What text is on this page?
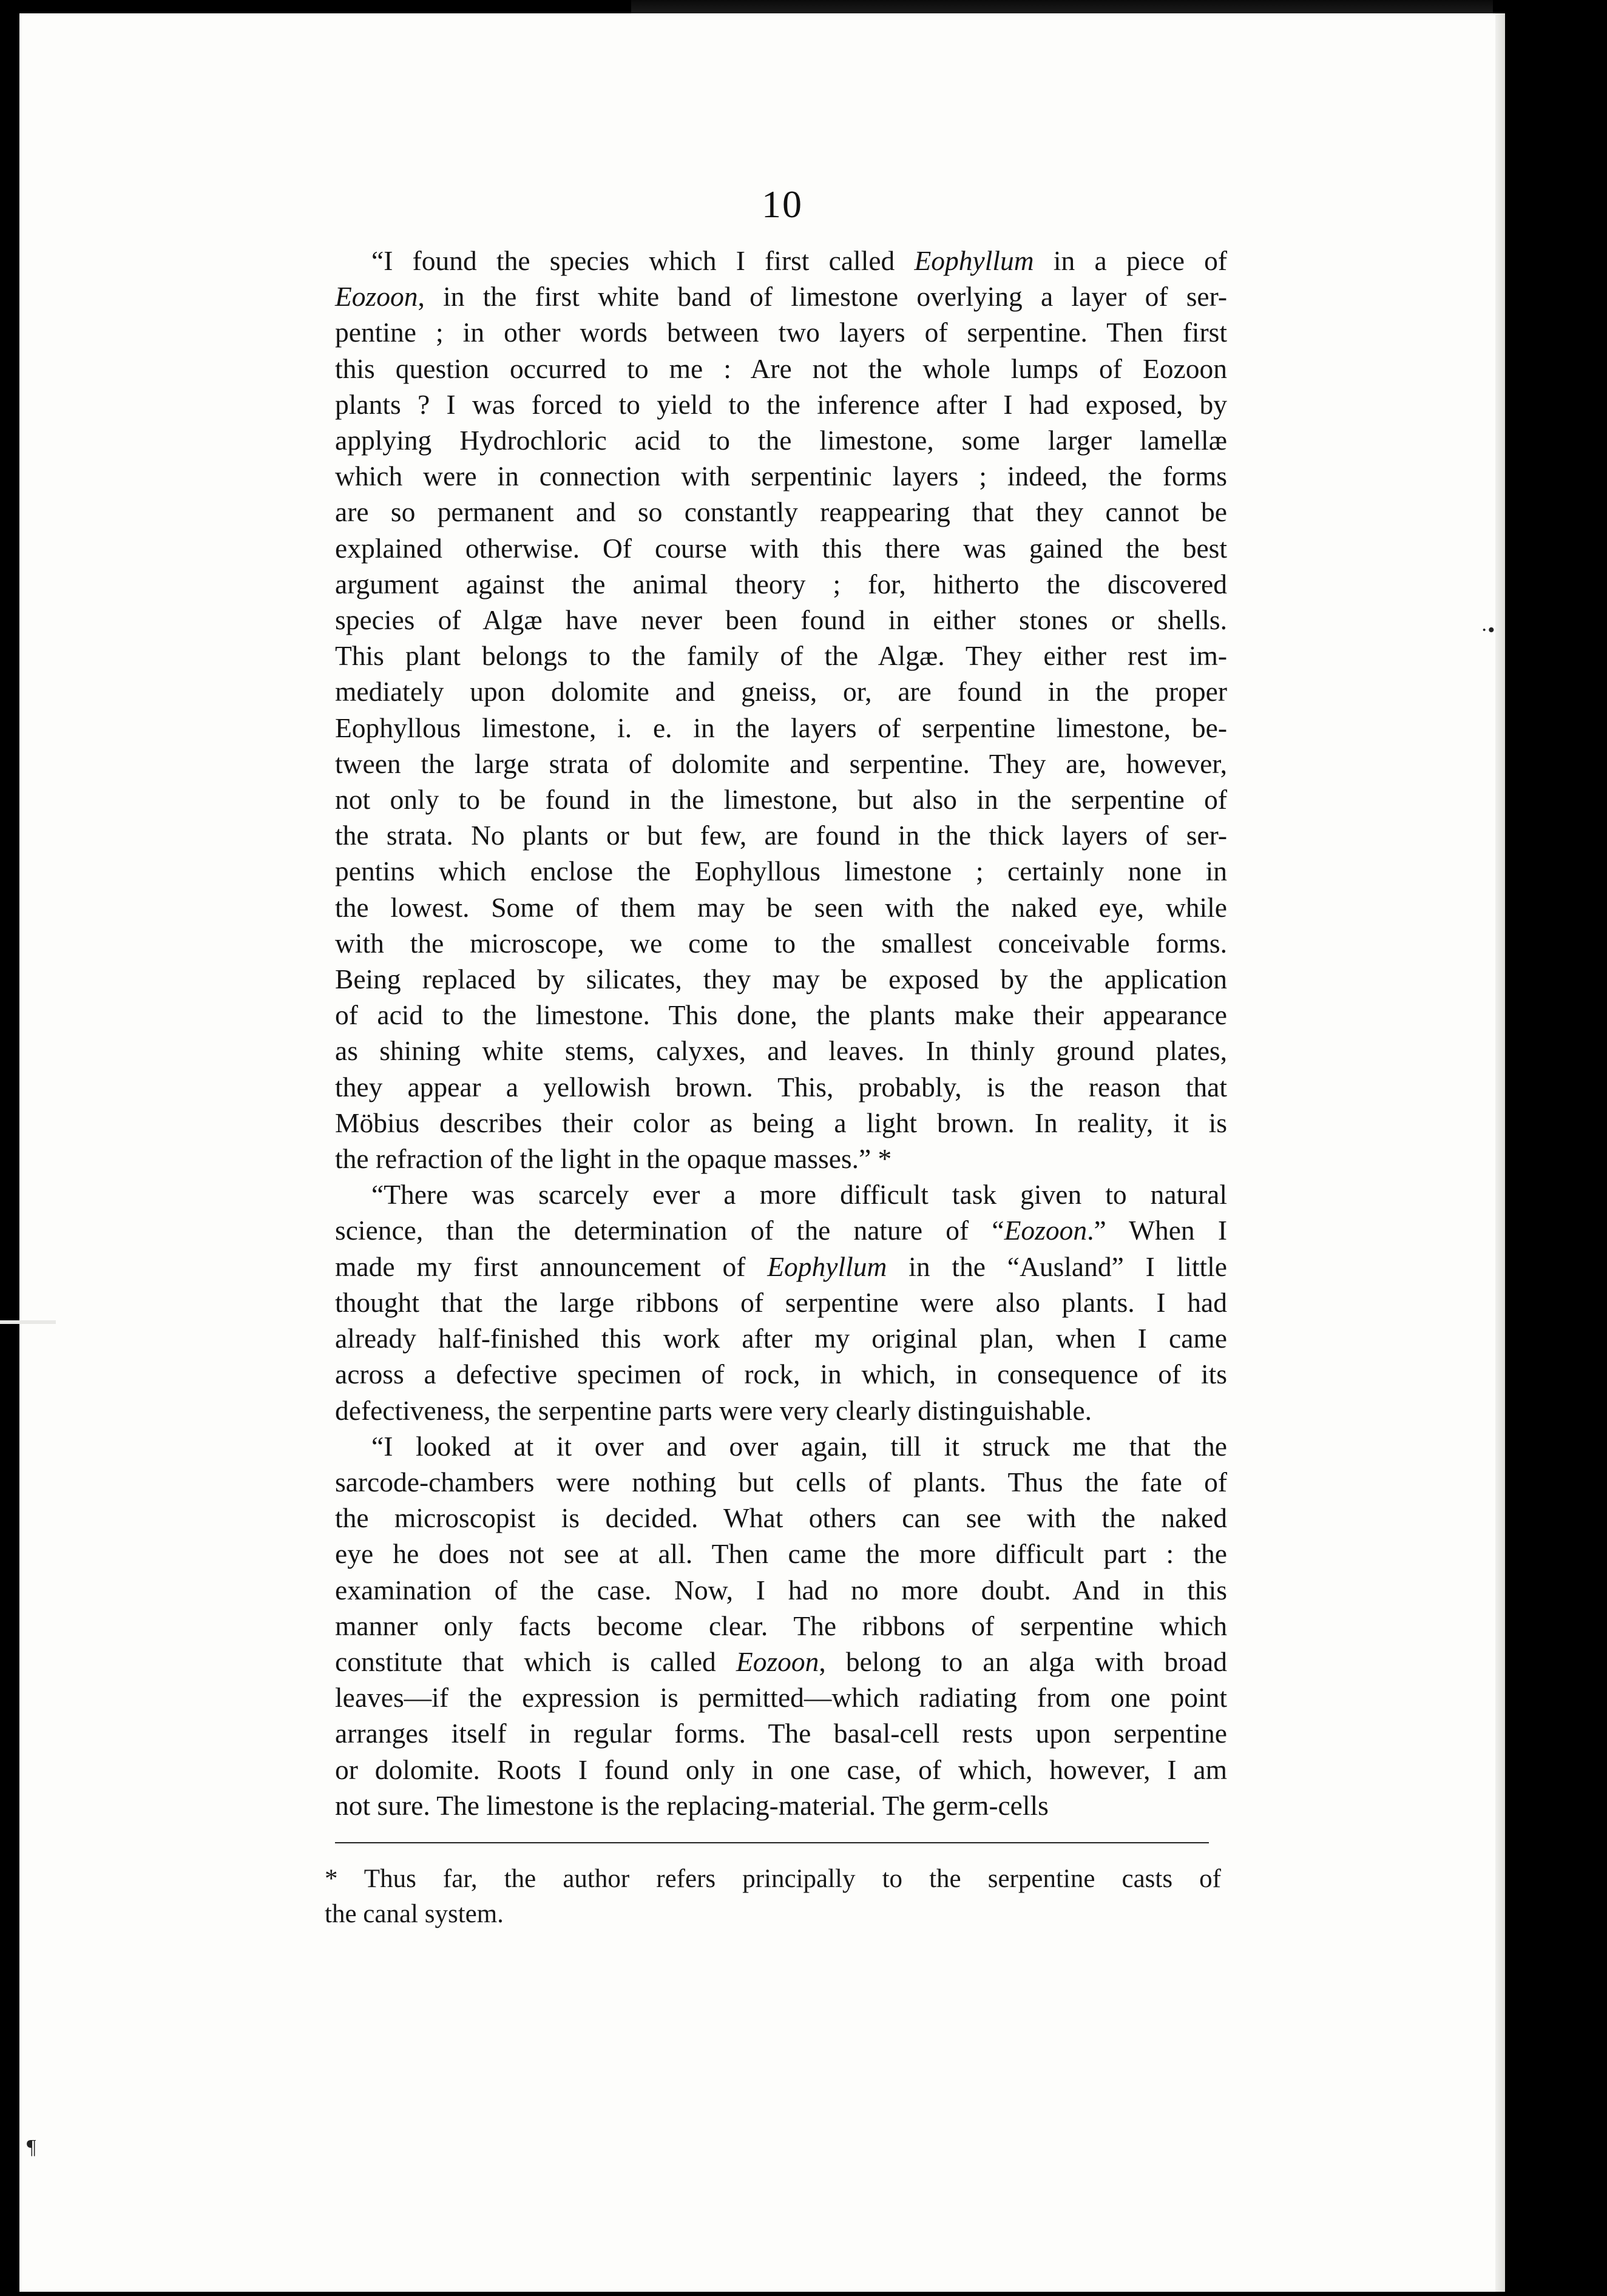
10
“I found the species which I first called Eophyllum in a piece of
Eozoon, in the first white band of limestone overlying a layer of ser-
pentine ; in other words between two layers of serpentine. Then first
this question occurred to me : Are not the whole lumps of Eozoon
plants ? I was forced to yield to the inference after I had exposed, by
applying Hydrochloric acid to the limestone, some larger lamellæ
which were in connection with serpentinic layers ; indeed, the forms
are so permanent and so constantly reappearing that they cannot be
explained otherwise. Of course with this there was gained the best
argument against the animal theory ; for, hitherto the discovered
species of Algæ have never been found in either stones or shells.
This plant belongs to the family of the Algæ. They either rest im-
mediately upon dolomite and gneiss, or, are found in the proper
Eophyllous limestone, i. e. in the layers of serpentine limestone, be-
tween the large strata of dolomite and serpentine. They are, however,
not only to be found in the limestone, but also in the serpentine of
the strata. No plants or but few, are found in the thick layers of ser-
pentins which enclose the Eophyllous limestone ; certainly none in
the lowest. Some of them may be seen with the naked eye, while
with the microscope, we come to the smallest conceivable forms.
Being replaced by silicates, they may be exposed by the application
of acid to the limestone. This done, the plants make their appearance
as shining white stems, calyxes, and leaves. In thinly ground plates,
they appear a yellowish brown. This, probably, is the reason that
Möbius describes their color as being a light brown. In reality, it is
the refraction of the light in the opaque masses.” *
“There was scarcely ever a more difficult task given to natural
science, than the determination of the nature of “Eozoon.” When I
made my first announcement of Eophyllum in the “Ausland” I little
thought that the large ribbons of serpentine were also plants. I had
already half-finished this work after my original plan, when I came
across a defective specimen of rock, in which, in consequence of its
defectiveness, the serpentine parts were very clearly distinguishable.
“I looked at it over and over again, till it struck me that the
sarcode-chambers were nothing but cells of plants. Thus the fate of
the microscopist is decided. What others can see with the naked
eye he does not see at all. Then came the more difficult part : the
examination of the case. Now, I had no more doubt. And in this
manner only facts become clear. The ribbons of serpentine which
constitute that which is called Eozoon, belong to an alga with broad
leaves—if the expression is permitted—which radiating from one point
arranges itself in regular forms. The basal-cell rests upon serpentine
or dolomite. Roots I found only in one case, of which, however, I am
not sure. The limestone is the replacing-material. The germ-cells
* Thus far, the author refers principally to the serpentine casts of
the canal system.
·•
¶
